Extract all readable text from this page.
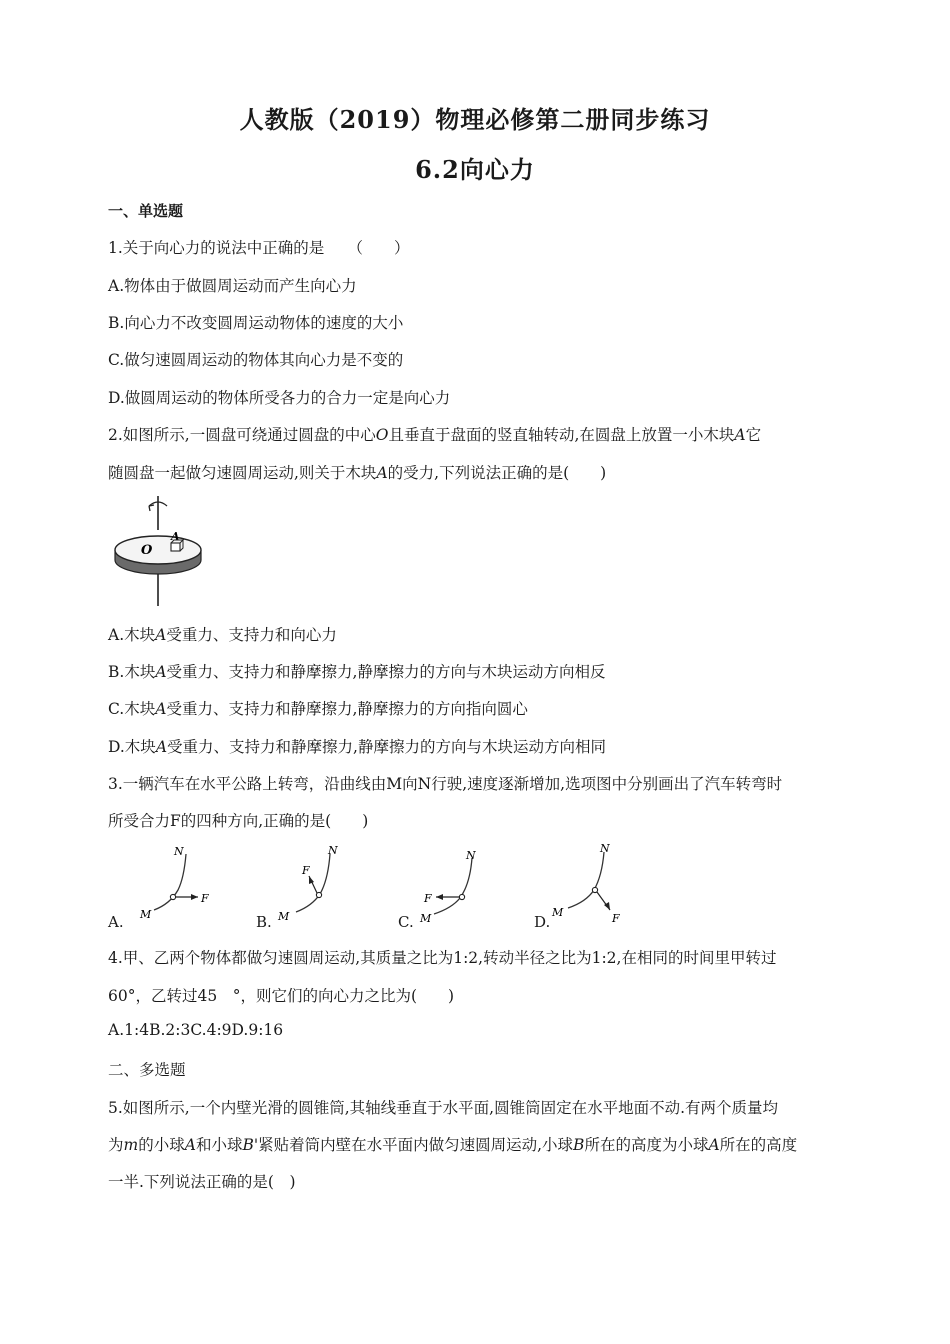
人教版（2019）物理必修第二册同步练习
6.2向心力
一、单选题
1.关于向心力的说法中正确的是　　（　　）
A.物体由于做圆周运动而产生向心力
B.向心力不改变圆周运动物体的速度的大小
C.做匀速圆周运动的物体其向心力是不变的
D.做圆周运动的物体所受各力的合力一定是向心力
2.如图所示,一圆盘可绕通过圆盘的中心O且垂直于盘面的竖直轴转动,在圆盘上放置一小木块A它
随圆盘一起做匀速圆周运动,则关于木块A的受力,下列说法正确的是(　　)
O
A
A.木块A受重力、支持力和向心力
B.木块A受重力、支持力和静摩擦力,静摩擦力的方向与木块运动方向相反
C.木块A受重力、支持力和静摩擦力,静摩擦力的方向指向圆心
D.木块A受重力、支持力和静摩擦力,静摩擦力的方向与木块运动方向相同
3.一辆汽车在水平公路上转弯，沿曲线由M向N行驶,速度逐渐增加,选项图中分别画出了汽车转弯时
所受合力F的四种方向,正确的是(　　)
A. M
N
F
B. M
N
F
C. M
N
F
D.
M
N
F
4.甲、乙两个物体都做匀速圆周运动,其质量之比为1:2,转动半径之比为1:2,在相同的时间里甲转过
60°，乙转过45　°，则它们的向心力之比为(　　)
A.1:4B.2:3C.4:9D.9:16
二、多选题
5.如图所示,一个内壁光滑的圆锥筒,其轴线垂直于水平面,圆锥筒固定在水平地面不动.有两个质量均
为m的小球A和小球B'紧贴着筒内壁在水平面内做匀速圆周运动,小球B所在的高度为小球A所在的高度
一半.下列说法正确的是(　)
